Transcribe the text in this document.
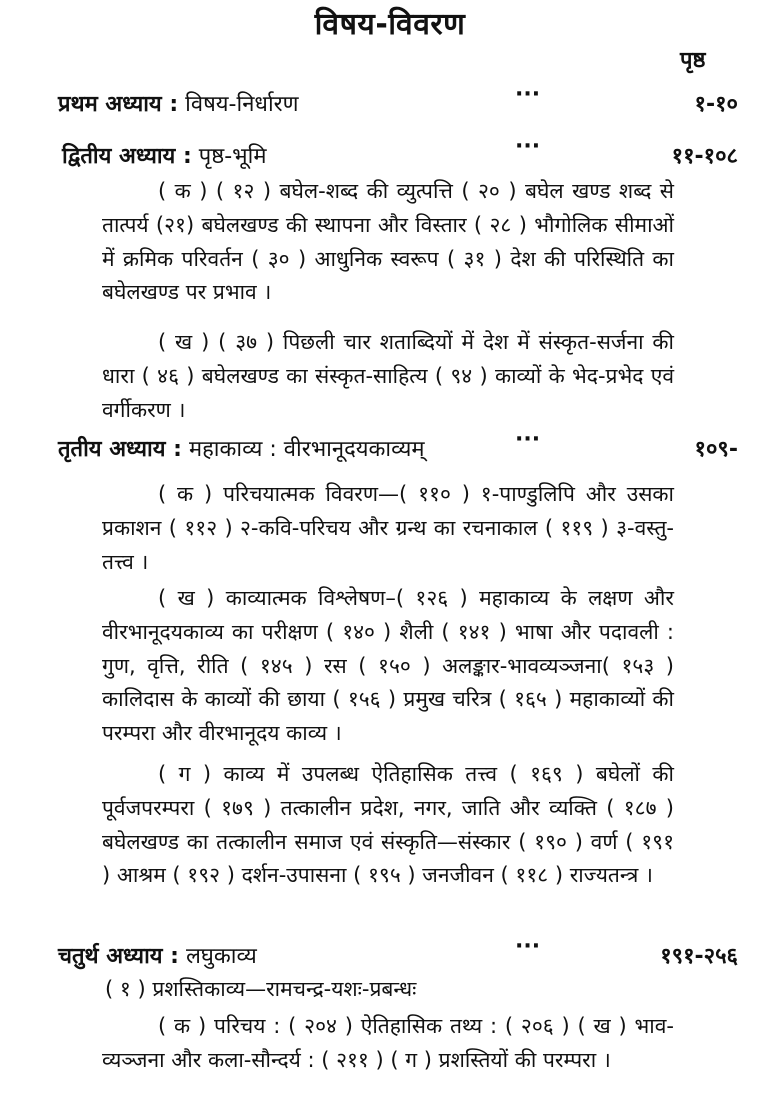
विषय-विवरण
पृष्ठ
प्रथम अध्याय : विषय-निर्धारण	···	१-१०
द्वितीय अध्याय : पृष्ठ-भूमि	···	११-१०८
( क ) ( १२ ) बघेल-शब्द की व्युत्पत्ति ( २० ) बघेल खण्ड शब्द से तात्पर्य (२१) बघेलखण्ड की स्थापना और विस्तार ( २८ ) भौगोलिक सीमाओं में क्रमिक परिवर्तन ( ३० ) आधुनिक स्वरूप ( ३१ ) देश की परिस्थिति का बघेलखण्ड पर प्रभाव ।
( ख ) ( ३७ ) पिछली चार शताब्दियों में देश में संस्कृत-सर्जना की धारा ( ४६ ) बघेलखण्ड का संस्कृत-साहित्य ( ९४ ) काव्यों के भेद-प्रभेद एवं वर्गीकरण ।
तृतीय अध्याय : महाकाव्य : वीरभानूदयकाव्यम्	···	१०९-
( क ) परिचयात्मक विवरण—( ११० ) १-पाण्डुलिपि और उसका प्रकाशन ( ११२ ) २-कवि-परिचय और ग्रन्थ का रचनाकाल ( ११९ ) ३-वस्तु-तत्त्व ।
( ख ) काव्यात्मक विश्लेषण–( १२६ ) महाकाव्य के लक्षण और वीरभानूदयकाव्य का परीक्षण ( १४० ) शैली ( १४१ ) भाषा और पदावली : गुण, वृत्ति, रीति ( १४५ ) रस ( १५० ) अलङ्कार-भावव्यञ्जना( १५३ ) कालिदास के काव्यों की छाया ( १५६ ) प्रमुख चरित्र ( १६५ ) महाकाव्यों की परम्परा और वीरभानूदय काव्य ।
( ग ) काव्य में उपलब्ध ऐतिहासिक तत्त्व ( १६९ ) बघेलों की पूर्वजपरम्परा ( १७९ ) तत्कालीन प्रदेश, नगर, जाति और व्यक्ति ( १८७ ) बघेलखण्ड का तत्कालीन समाज एवं संस्कृति—संस्कार ( १९० ) वर्ण ( १९१ ) आश्रम ( १९२ ) दर्शन-उपासना ( १९५ ) जनजीवन ( ११८ ) राज्यतन्त्र ।
चतुर्थ अध्याय : लघुकाव्य	···	१९१-२५६
( १ ) प्रशस्तिकाव्य—रामचन्द्र-यशः-प्रबन्धः
( क ) परिचय : ( २०४ ) ऐतिहासिक तथ्य : ( २०६ ) ( ख ) भाव-व्यञ्जना और कला-सौन्दर्य : ( २११ ) ( ग ) प्रशस्तियों की परम्परा ।
